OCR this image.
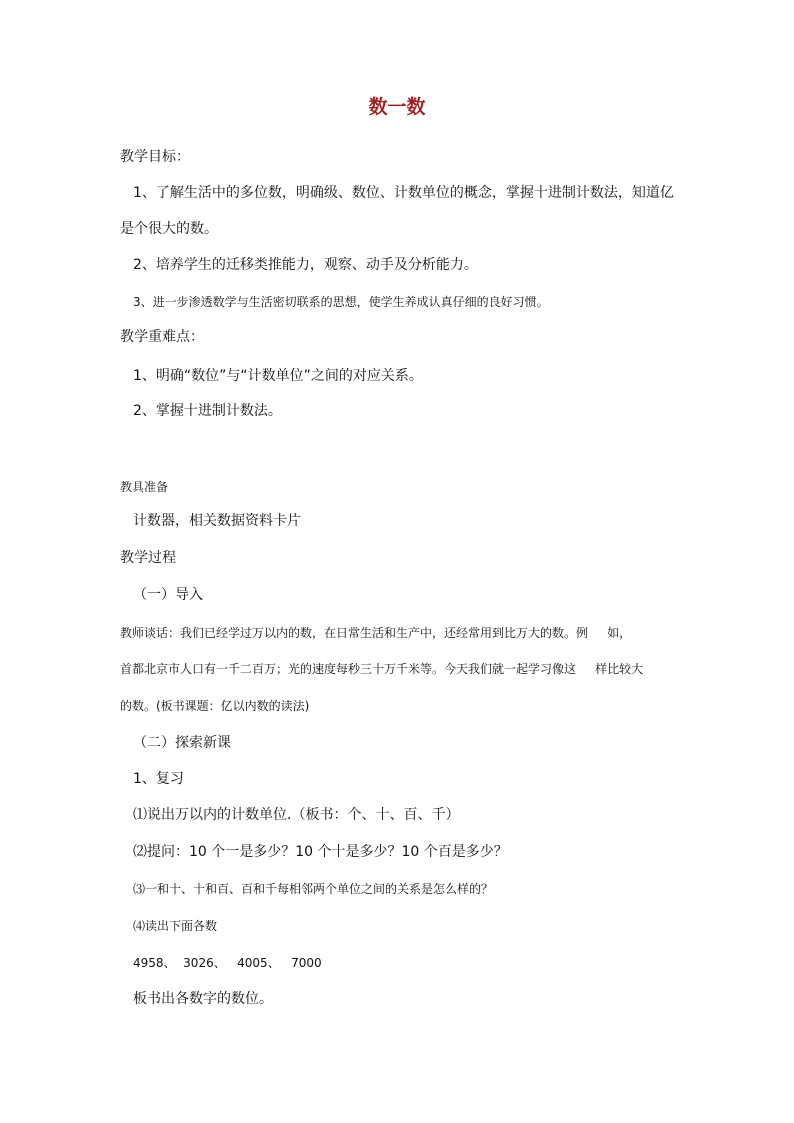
数一数
教学目标：
1、了解生活中的多位数，明确级、数位、计数单位的概念，掌握十进制计数法，知道亿
是个很大的数。
2、培养学生的迁移类推能力，观察、动手及分析能力。
3、进一步渗透数学与生活密切联系的思想，使学生养成认真仔细的良好习惯。
教学重难点：
1、明确“数位”与“计数单位”之间的对应关系。
2、掌握十进制计数法。
教具准备
计数器，相关数据资料卡片
教学过程
（一）导入
教师谈话：我们已经学过万以内的数，在日常生活和生产中，还经常用到比万大的数。例     如，
首都北京市人口有一千二百万；光的速度每秒三十万千米等。今天我们就一起学习像这     样比较大
的数。(板书课题：亿以内数的读法)
（二）探索新课
1、复习
⑴说出万以内的计数单位.（板书：个、十、百、千）
⑵提问：10 个一是多少？10 个十是多少？10 个百是多少？
⑶一和十、十和百、百和千每相邻两个单位之间的关系是怎么样的？
⑷读出下面各数
4958、  3026、   4005、   7000
板书出各数字的数位。
